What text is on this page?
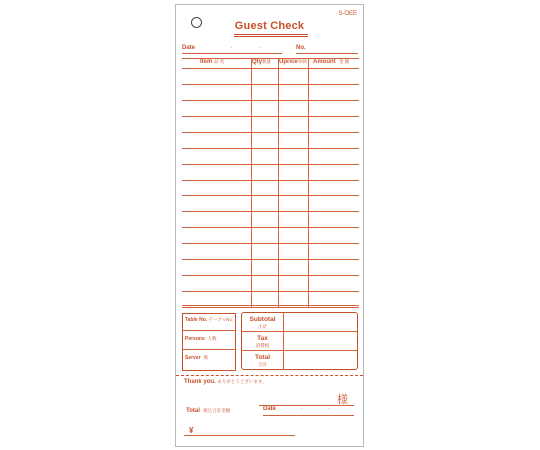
S-OEE
Guest Check
Date	.	.	No.
Item 品 名	Qty数量 Uprice単価 Amount 金 額
Table No. テーブルNo.
Persons 人数
Server 係
Subtotal
小計
Tax
消費税
Total
合計
Thank you. ありがとうございます。
様
Total 税込合計金額	Date	.	.
¥
